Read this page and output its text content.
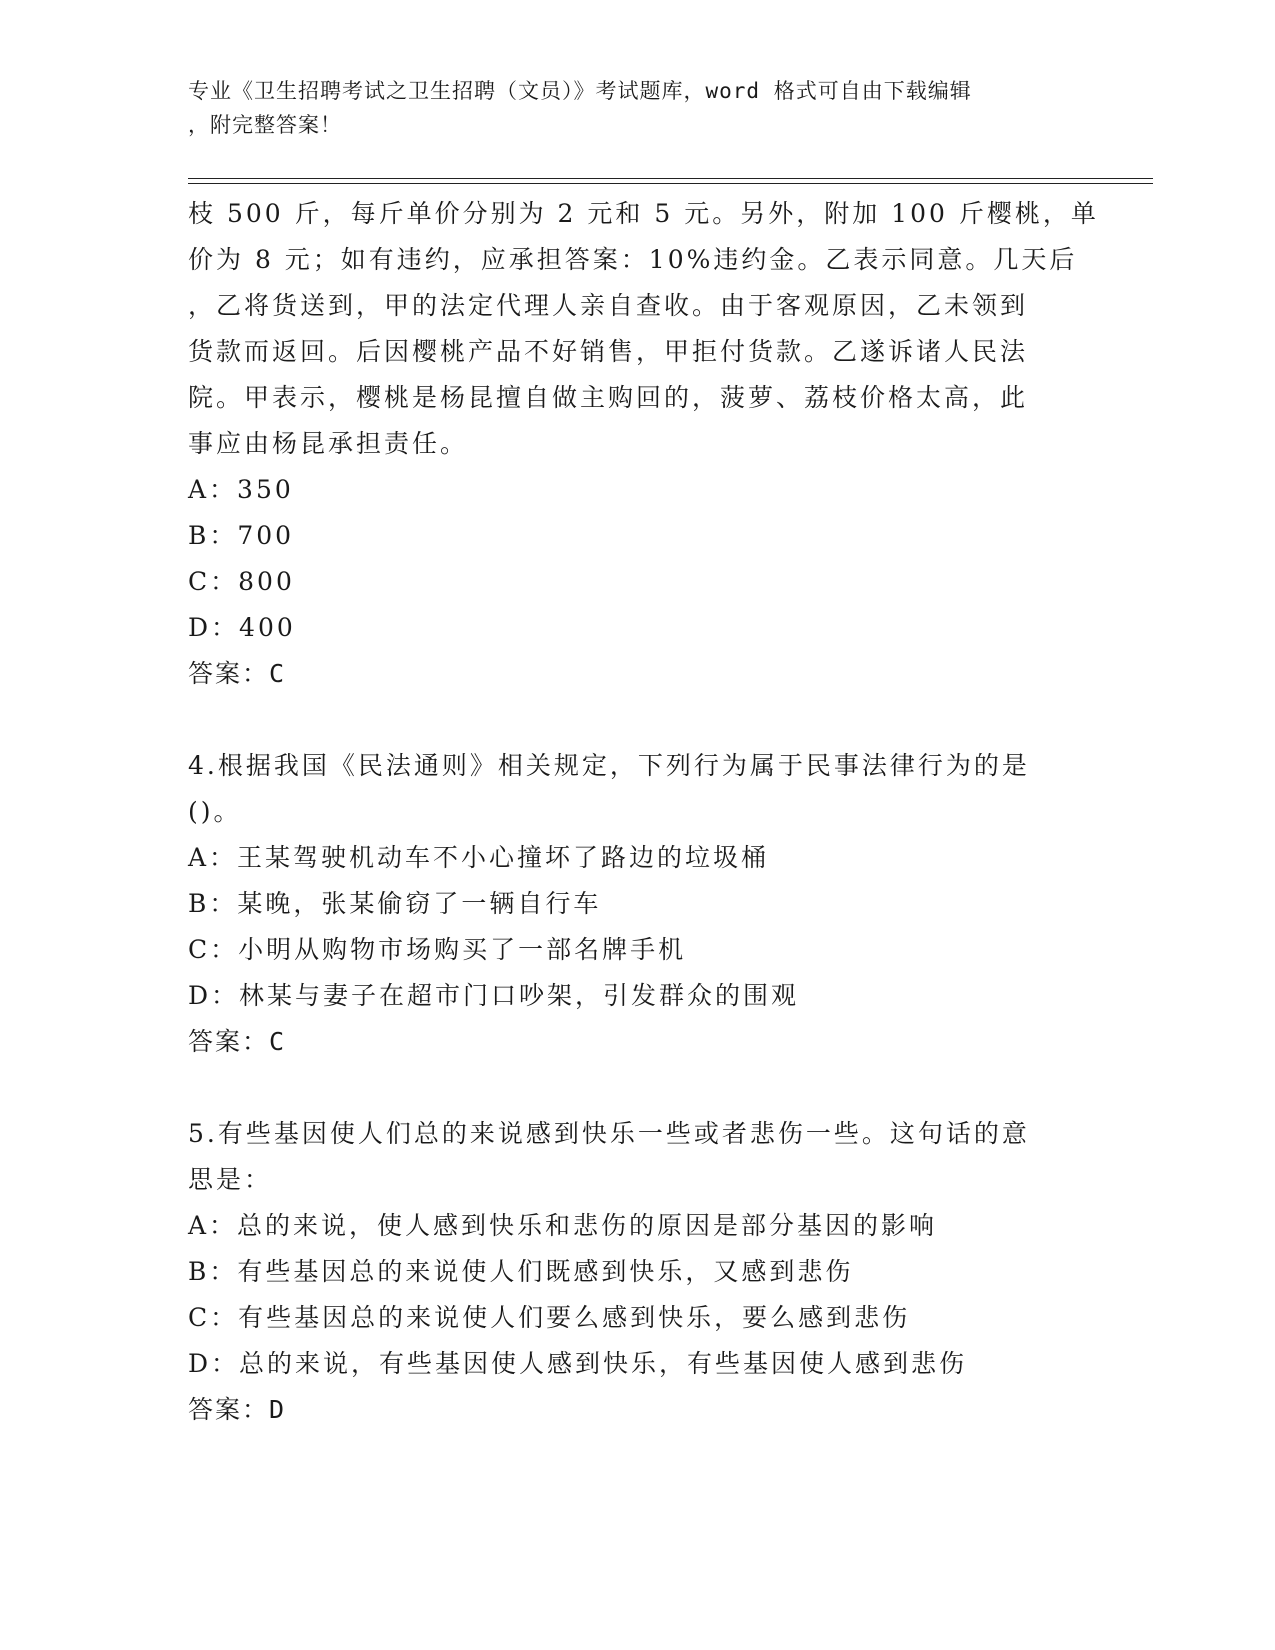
专业《卫生招聘考试之卫生招聘（文员）》考试题库，word 格式可自由下载编辑
，附完整答案！
枝 500 斤，每斤单价分别为 2 元和 5 元。另外，附加 100 斤樱桃，单
价为 8 元；如有违约，应承担答案：10%违约金。乙表示同意。几天后
，乙将货送到，甲的法定代理人亲自查收。由于客观原因，乙未领到
货款而返回。后因樱桃产品不好销售，甲拒付货款。乙遂诉诸人民法
院。甲表示，樱桃是杨昆擅自做主购回的，菠萝、荔枝价格太高，此
事应由杨昆承担责任。
A：350
B：700
C：800
D：400
答案：C
4.根据我国《民法通则》相关规定，下列行为属于民事法律行为的是
()。
A：王某驾驶机动车不小心撞坏了路边的垃圾桶
B：某晚，张某偷窃了一辆自行车
C：小明从购物市场购买了一部名牌手机
D：林某与妻子在超市门口吵架，引发群众的围观
答案：C
5.有些基因使人们总的来说感到快乐一些或者悲伤一些。这句话的意
思是：
A：总的来说，使人感到快乐和悲伤的原因是部分基因的影响
B：有些基因总的来说使人们既感到快乐，又感到悲伤
C：有些基因总的来说使人们要么感到快乐，要么感到悲伤
D：总的来说，有些基因使人感到快乐，有些基因使人感到悲伤
答案：D
